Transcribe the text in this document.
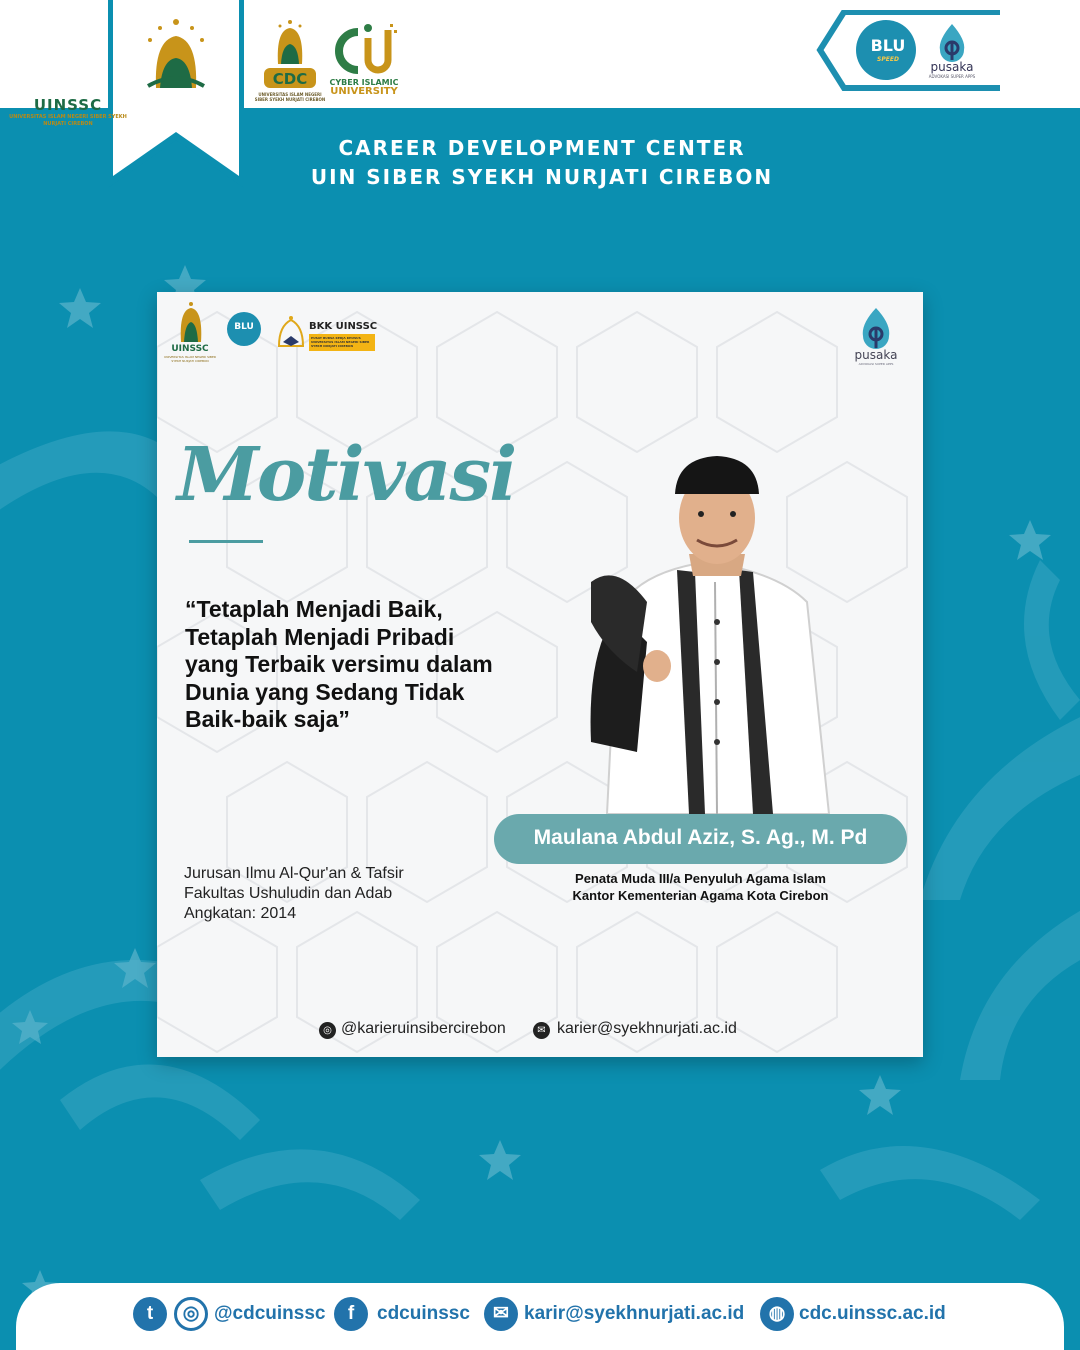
UINSSC
UNIVERSITAS ISLAM NEGERI SIBER SYEKH NURJATI CIREBON
CDC
UNIVERSITAS ISLAM NEGERI SIBER SYEKH NURJATI CIREBON
CYBER ISLAMIC
UNIVERSITY
BLU
SPEED
pusaka
ADVOKASI SUPER APPS
CAREER DEVELOPMENT CENTER
UIN SIBER SYEKH NURJATI CIREBON
UINSSC
UNIVERSITAS ISLAM NEGERI SIBER SYEKH NURJATI CIREBON
BLU	BKK UINSSC
PUSAT BURSA KERJA KHUSUS UNIVERSITAS ISLAM NEGERI SIBER SYEKH NURJATI CIREBON
pusaka
ADVOKASI SUPER APPS
Motivasi
“Tetaplah Menjadi Baik, Tetaplah Menjadi Pribadi yang Terbaik versimu dalam Dunia yang Sedang Tidak Baik-baik saja”
Maulana Abdul Aziz, S. Ag., M. Pd
Penata Muda III/a Penyuluh Agama Islam
Kantor Kementerian Agama Kota Cirebon
Jurusan Ilmu Al-Qur'an & Tafsir
Fakultas Ushuludin dan Adab
Angkatan: 2014
◎ @karieruinsibercirebon	✉ karier@syekhnurjati.ac.id
t	◎ @cdcuinssc	f	cdcuinssc	✉ karir@syekhnurjati.ac.id	◍ cdc.uinssc.ac.id
